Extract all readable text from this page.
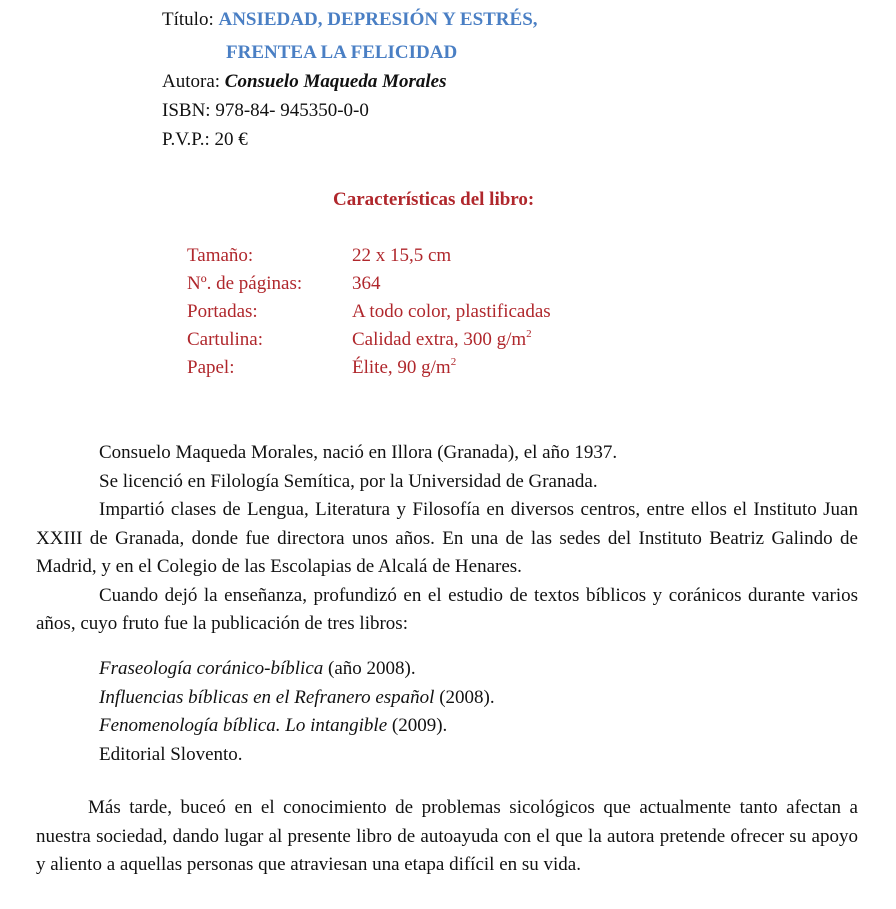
Título: ANSIEDAD, DEPRESIÓN Y ESTRÉS,
FRENTEA LA FELICIDAD
Autora: Consuelo Maqueda Morales
ISBN: 978-84- 945350-0-0
P.V.P.: 20 €
Características del libro:
Tamaño:	22 x 15,5 cm
Nº. de páginas:	364
Portadas:	A todo color, plastificadas
Cartulina:	Calidad extra, 300 $g/m^2$
Papel:	Élite, 90 $g/m^2$

Consuelo Maqueda Morales, nació en Illora (Granada), el año 1937.

Se licenció en Filología Semítica, por la Universidad de Granada.

Impartió clases de Lengua, Literatura y Filosofía en diversos centros, entre ellos el Instituto Juan XXIII de Granada, donde fue directora unos años. En una de las sedes del Instituto Beatriz Galindo de Madrid, y en el Colegio de las Escolapias de Alcalá de Henares.

Cuando dejó la enseñanza, profundizó en el estudio de textos bíblicos y coránicos durante varios años, cuyo fruto fue la publicación de tres libros:

Fraseología coránico-bíblica (año 2008).
Influencias bíblicas en el Refranero español (2008).
Fenomenología bíblica. Lo intangible (2009).
Editorial Slovento.

Más tarde, buceó en el conocimiento de problemas sicológicos que actualmente tanto afectan a nuestra sociedad, dando lugar al presente libro de autoayuda con el que la autora pretende ofrecer su apoyo y aliento a aquellas personas que atraviesan una etapa difícil en su vida.
